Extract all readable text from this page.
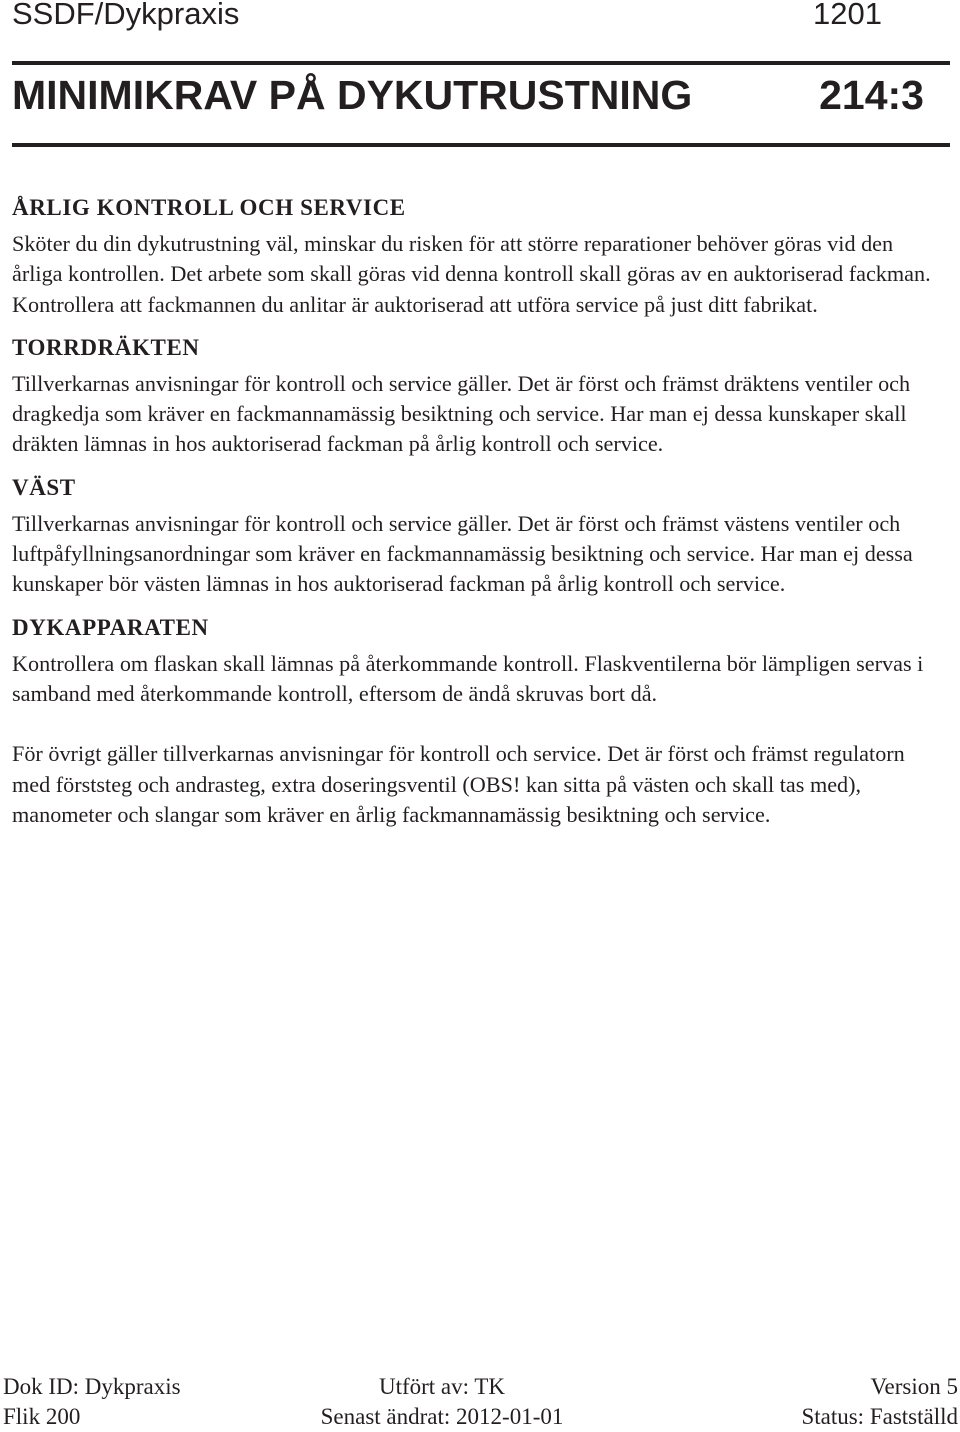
SSDF/Dykpraxis	1201
MINIMIKRAV PÅ DYKUTRUSTNING	214:3
ÅRLIG KONTROLL OCH SERVICE

Sköter du din dykutrustning väl, minskar du risken för att större reparationer behöver göras vid den årliga kontrollen. Det arbete som skall göras vid denna kontroll skall göras av en auktoriserad fackman. Kontrollera att fackmannen du anlitar är auktoriserad att utföra service på just ditt fabrikat.

TORRDRÄKTEN

Tillverkarnas anvisningar för kontroll och service gäller. Det är först och främst dräktens ventiler och dragkedja som kräver en fackmannamässig besiktning och service. Har man ej dessa kunskaper skall dräkten lämnas in hos auktoriserad fackman på årlig kontroll och service.

VÄST

Tillverkarnas anvisningar för kontroll och service gäller. Det är först och främst västens ventiler och luftpåfyllningsanordningar som kräver en fackmannamässig besiktning och service. Har man ej dessa kunskaper bör västen lämnas in hos auktoriserad fackman på årlig kontroll och service.

DYKAPPARATEN

Kontrollera om flaskan skall lämnas på återkommande kontroll. Flaskventilerna bör lämpligen servas i samband med återkommande kontroll, eftersom de ändå skruvas bort då.

För övrigt gäller tillverkarnas anvisningar för kontroll och service. Det är först och främst regulatorn med förststeg och andrasteg, extra doseringsventil (OBS! kan sitta på västen och skall tas med), manometer och slangar som kräver en årlig fackmannamässig besiktning och service.

Dok ID: Dykpraxis
Flik 200
Utfört av: TK
Senast ändrat: 2012-01-01
Version 5
Status: Fastställd
